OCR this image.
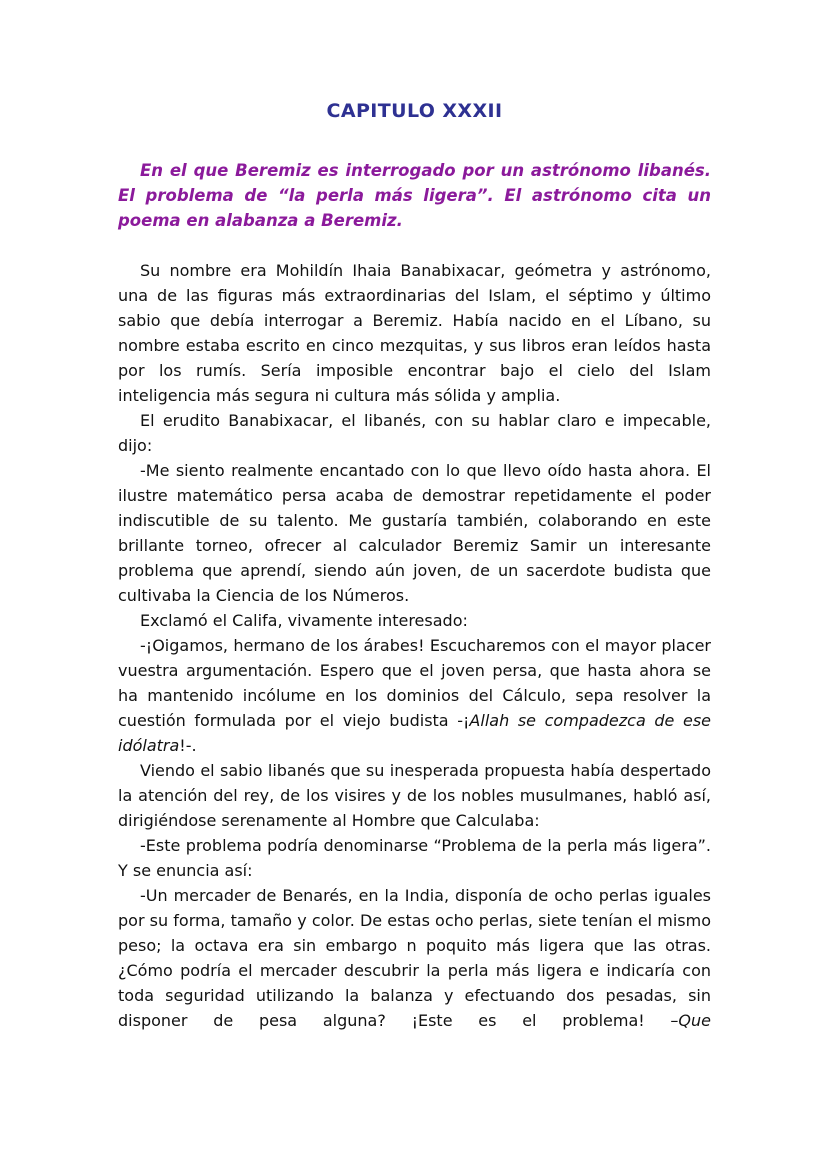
CAPITULO XXXII

En el que Beremiz es interrogado por un astrónomo libanés. El problema de “la perla más ligera”. El astrónomo cita un poema en alabanza a Beremiz.

Su nombre era Mohildín Ihaia Banabixacar, geómetra y astrónomo, una de las figuras más extraordinarias del Islam, el séptimo y último sabio que debía interrogar a Beremiz. Había nacido en el Líbano, su nombre estaba escrito en cinco mezquitas, y sus libros eran leídos hasta por los rumís. Sería imposible encontrar bajo el cielo del Islam inteligencia más segura ni cultura más sólida y amplia.

El erudito Banabixacar, el libanés, con su hablar claro e impecable, dijo:

-Me siento realmente encantado con lo que llevo oído hasta ahora. El ilustre matemático persa acaba de demostrar repetidamente el poder indiscutible de su talento. Me gustaría también, colaborando en este brillante torneo, ofrecer al calculador Beremiz Samir un interesante problema que aprendí, siendo aún joven, de un sacerdote budista que cultivaba la Ciencia de los Números.

Exclamó el Califa, vivamente interesado:

-¡Oigamos, hermano de los árabes! Escucharemos con el mayor placer vuestra argumentación. Espero que el joven persa, que hasta ahora se ha mantenido incólume en los dominios del Cálculo, sepa resolver la cuestión formulada por el viejo budista -¡Allah se compadezca de ese idólatra!-.

Viendo el sabio libanés que su inesperada propuesta había despertado la atención del rey, de los visires y de los nobles musulmanes, habló así, dirigiéndose serenamente al Hombre que Calculaba:

-Este problema podría denominarse “Problema de la perla más ligera”. Y se enuncia así:

-Un mercader de Benarés, en la India, disponía de ocho perlas iguales por su forma, tamaño y color. De estas ocho perlas, siete tenían el mismo peso; la octava era sin embargo n poquito más ligera que las otras. ¿Cómo podría el mercader descubrir la perla más ligera e indicaría con toda seguridad utilizando la balanza y efectuando dos pesadas, sin disponer de pesa alguna? ¡Este es el problema! –Que
